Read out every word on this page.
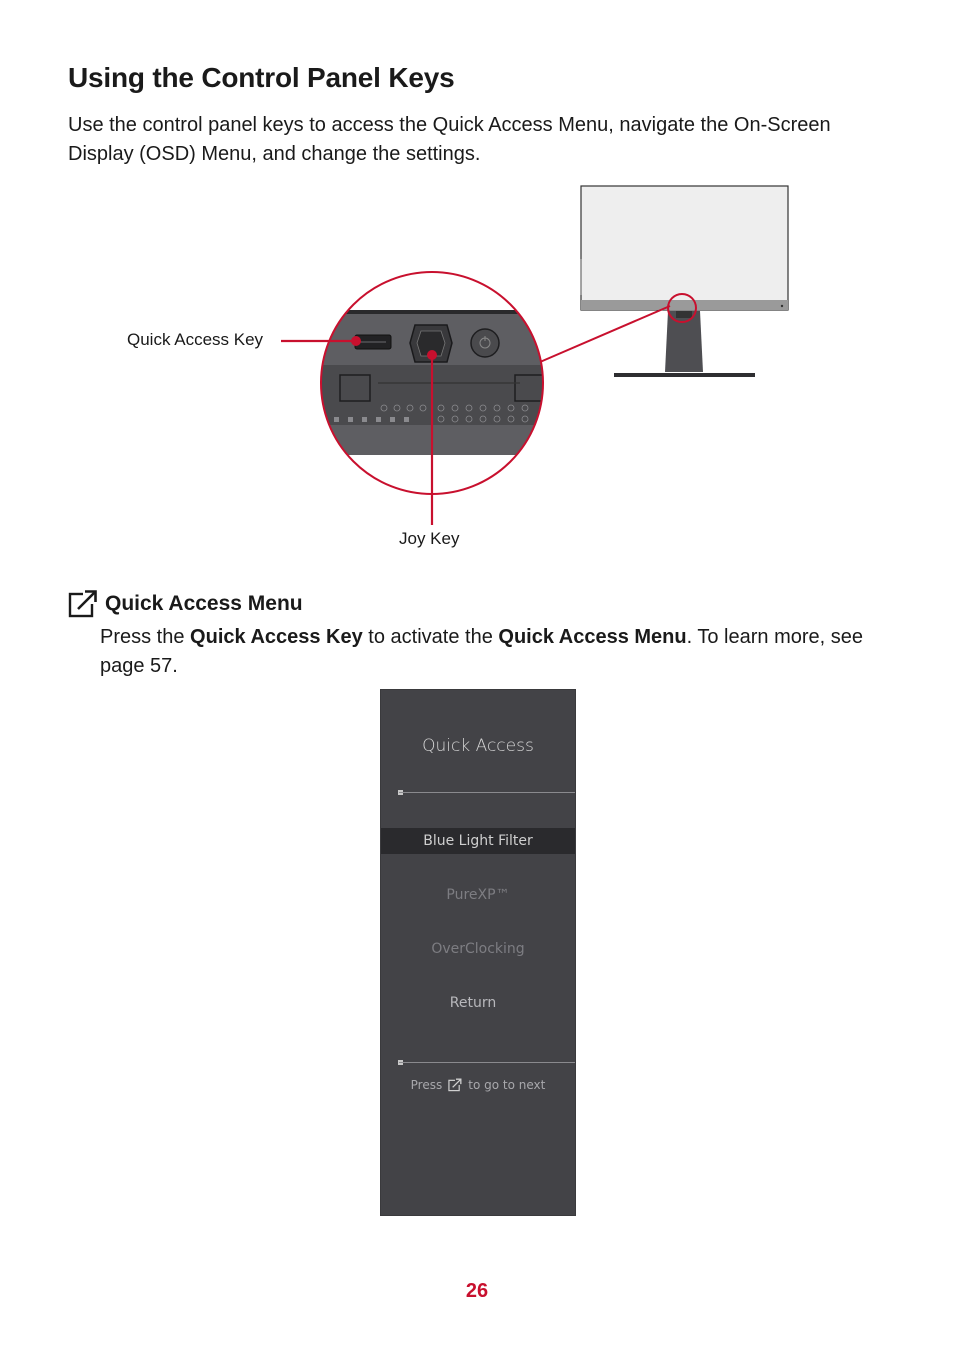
Using the Control Panel Keys

Use the control panel keys to access the Quick Access Menu, navigate the On-Screen Display (OSD) Menu, and change the settings.

Quick Access Key
Joy Key
Quick Access Menu

Press the Quick Access Key to activate the Quick Access Menu. To learn more, see page 57.

Quick Access
Blue Light Filter
PureXP™
OverClocking
Return
Press to go to next
26
